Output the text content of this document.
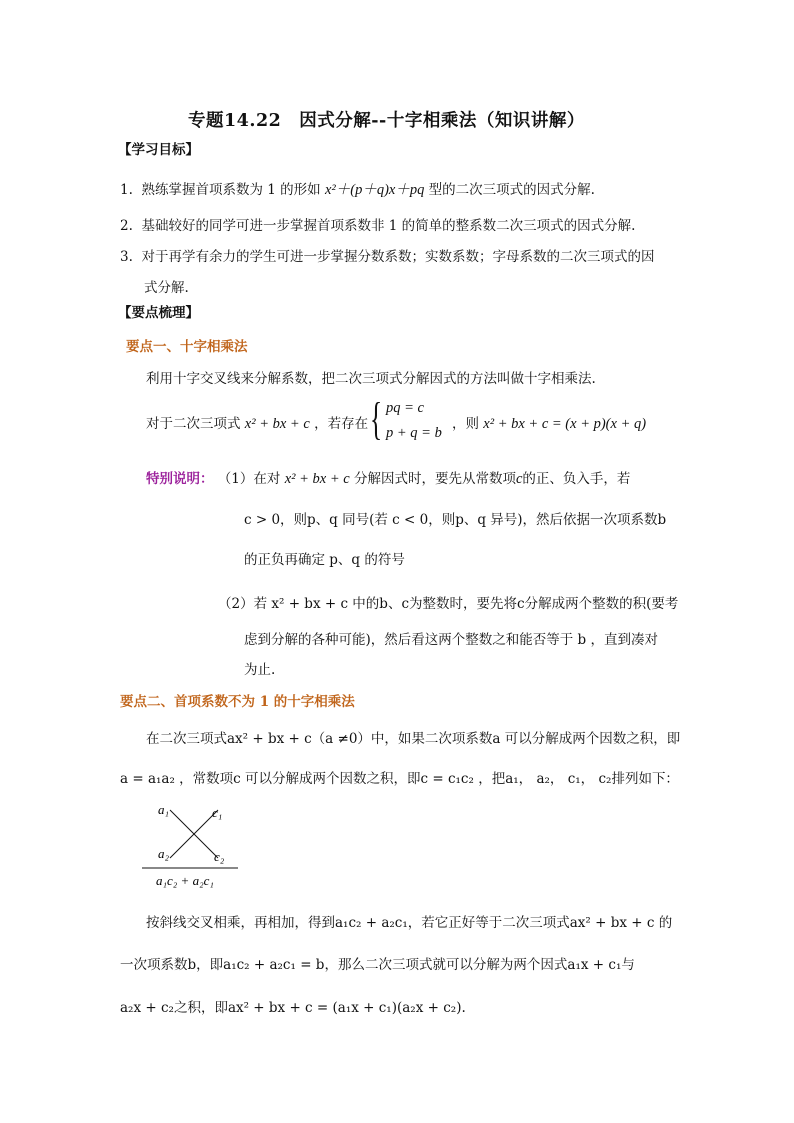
专题14.22　因式分解--十字相乘法（知识讲解）
【学习目标】
1. 熟练掌握首项系数为 1 的形如 x²＋(p＋q)x＋pq 型的二次三项式的因式分解.
2. 基础较好的同学可进一步掌握首项系数非 1 的简单的整系数二次三项式的因式分解.
3. 对于再学有余力的学生可进一步掌握分数系数；实数系数；字母系数的二次三项式的因
式分解.
【要点梳理】
要点一、十字相乘法
利用十字交叉线来分解系数，把二次三项式分解因式的方法叫做十字相乘法.
对于二次三项式 x² + bx + c ，若存在 { pq = c
p + q = b
，则 x² + bx + c = (x + p)(x + q)
特别说明： （1）在对 x² + bx + c 分解因式时，要先从常数项c的正、负入手，若
c > 0，则p、q 同号(若 c < 0，则p、q 异号)，然后依据一次项系数b
的正负再确定 p、q 的符号
（2）若 x² + bx + c 中的b、c为整数时，要先将c分解成两个整数的积(要考
虑到分解的各种可能)，然后看这两个整数之和能否等于 b ，直到凑对
为止.
要点二、首项系数不为 1 的十字相乘法
在二次三项式ax² + bx + c（a ≠0）中，如果二次项系数a 可以分解成两个因数之积，即
a = a₁a₂ ，常数项c 可以分解成两个因数之积，即c = c₁c₂ ，把a₁， a₂， c₁， c₂排列如下：
a₁	c₁
a₂	c₂
a₁c₂ + a₂c₁
按斜线交叉相乘，再相加，得到a₁c₂ + a₂c₁，若它正好等于二次三项式ax² + bx + c 的
一次项系数b，即a₁c₂ + a₂c₁ = b，那么二次三项式就可以分解为两个因式a₁x + c₁与
a₂x + c₂之积，即ax² + bx + c = (a₁x + c₁)(a₂x + c₂).
